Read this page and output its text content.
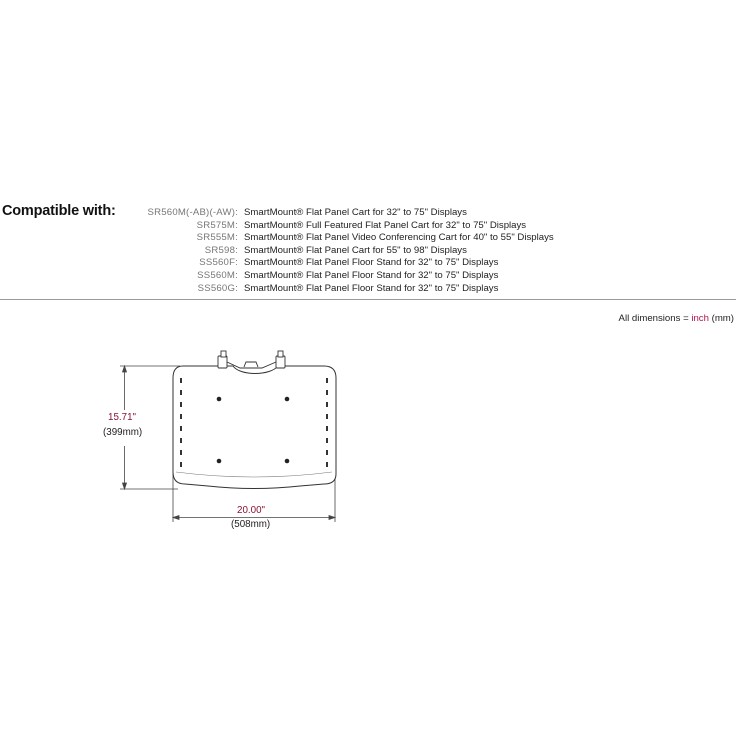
Compatible with:	SR560M(-AB)(-AW): SmartMount® Flat Panel Cart for 32" to 75" Displays
SR575M: SmartMount® Full Featured Flat Panel Cart for 32" to 75" Displays
SR555M: SmartMount® Flat Panel Video Conferencing Cart for 40" to 55" Displays
SR598: SmartMount® Flat Panel Cart for 55" to 98" Displays
SS560F: SmartMount® Flat Panel Floor Stand for 32" to 75" Displays
SS560M: SmartMount® Flat Panel Floor Stand for 32" to 75" Displays
SS560G: SmartMount® Flat Panel Floor Stand for 32" to 75" Displays
All dimensions = inch (mm)
15.71"
(399mm)
20.00"
(508mm)
